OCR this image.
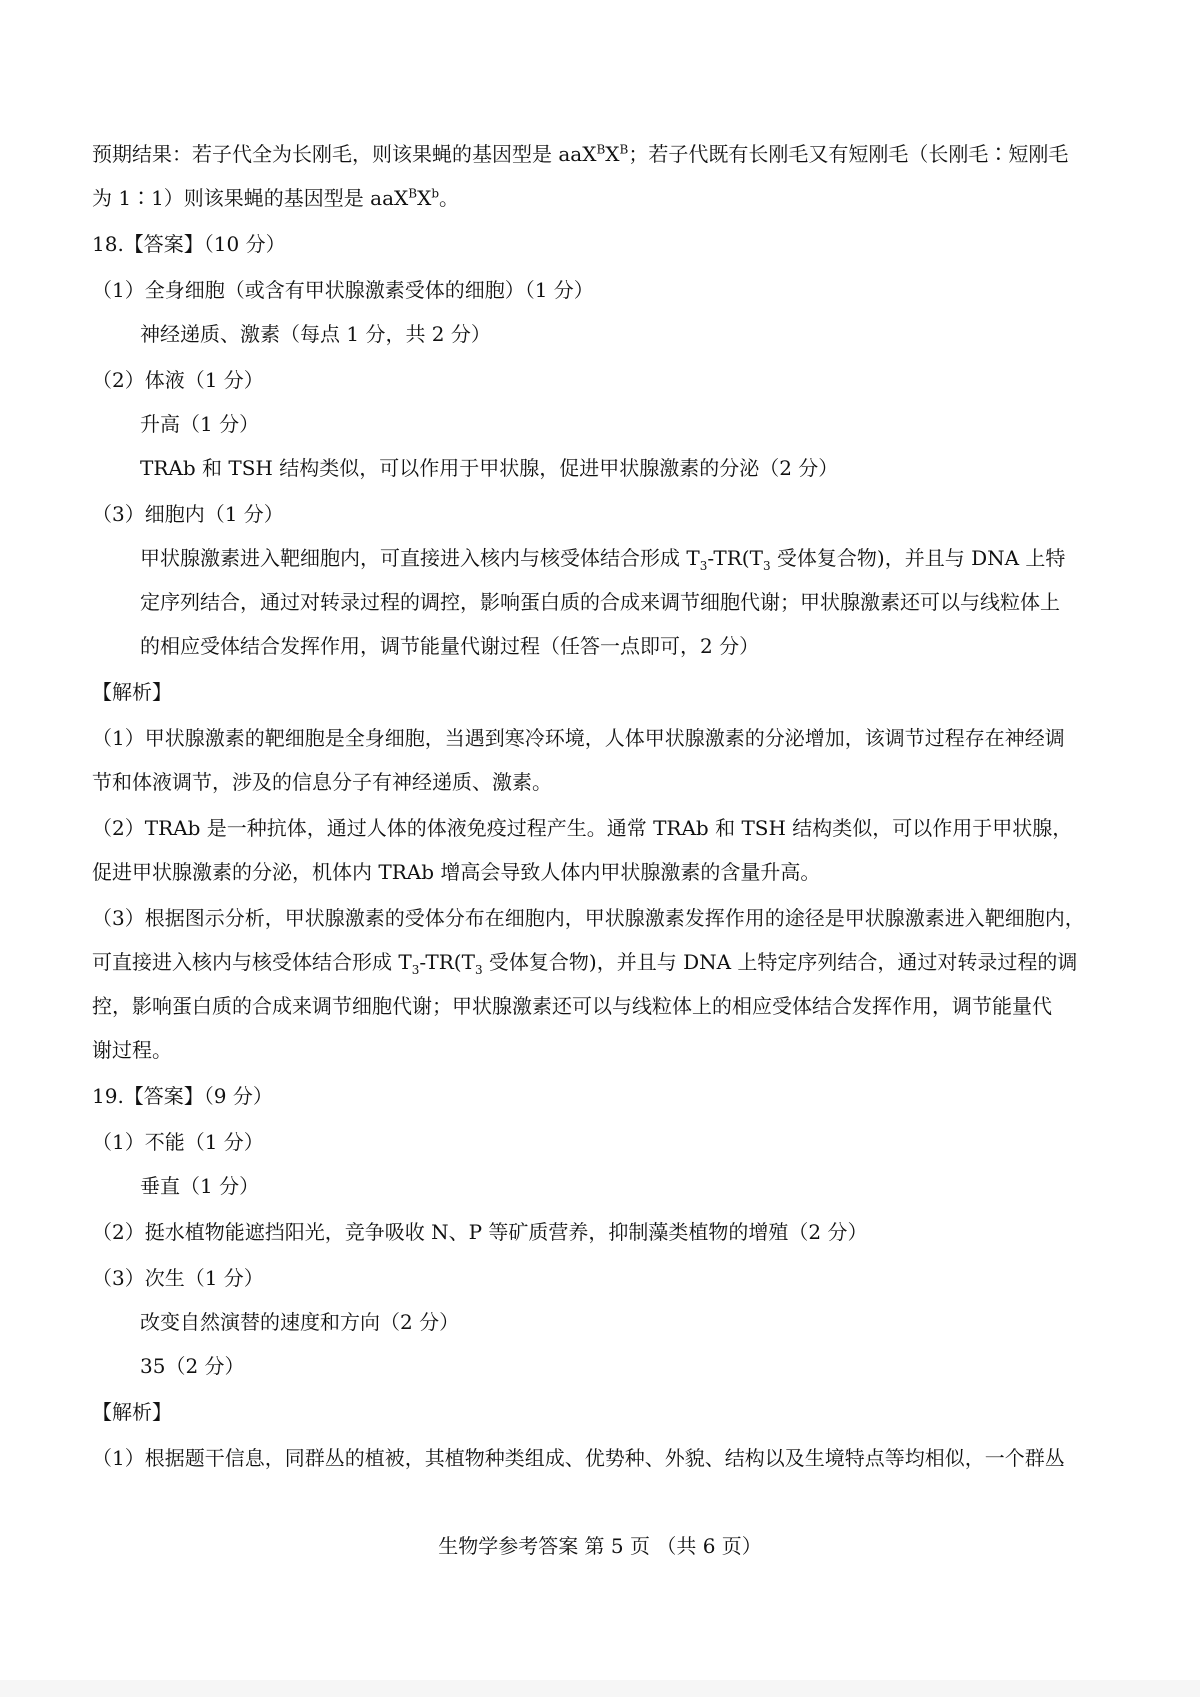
预期结果：若子代全为长刚毛，则该果蝇的基因型是 $aaX^BX^B$；若子代既有长刚毛又有短刚毛（长刚毛∶短刚毛
为 1∶1）则该果蝇的基因型是 $aaX^BX^b$。
18.【答案】（10 分）
（1）全身细胞（或含有甲状腺激素受体的细胞）（1 分）
神经递质、激素（每点 1 分，共 2 分）
（2）体液（1 分）
升高（1 分）
TRAb 和 TSH 结构类似，可以作用于甲状腺，促进甲状腺激素的分泌（2 分）
（3）细胞内（1 分）
甲状腺激素进入靶细胞内，可直接进入核内与核受体结合形成 $T_3-TR(T_3$ 受体复合物)，并且与 DNA 上特
定序列结合，通过对转录过程的调控，影响蛋白质的合成来调节细胞代谢；甲状腺激素还可以与线粒体上
的相应受体结合发挥作用，调节能量代谢过程（任答一点即可，2 分）
【解析】
（1）甲状腺激素的靶细胞是全身细胞，当遇到寒冷环境，人体甲状腺激素的分泌增加，该调节过程存在神经调
节和体液调节，涉及的信息分子有神经递质、激素。
（2）TRAb 是一种抗体，通过人体的体液免疫过程产生。通常 TRAb 和 TSH 结构类似，可以作用于甲状腺，
促进甲状腺激素的分泌，机体内 TRAb 增高会导致人体内甲状腺激素的含量升高。
（3）根据图示分析，甲状腺激素的受体分布在细胞内，甲状腺激素发挥作用的途径是甲状腺激素进入靶细胞内，
可直接进入核内与核受体结合形成 $T_3-TR(T_3$ 受体复合物)，并且与 DNA 上特定序列结合，通过对转录过程的调
控，影响蛋白质的合成来调节细胞代谢；甲状腺激素还可以与线粒体上的相应受体结合发挥作用，调节能量代
谢过程。
19.【答案】（9 分）
（1）不能（1 分）
垂直（1 分）
（2）挺水植物能遮挡阳光，竞争吸收 N、P 等矿质营养，抑制藻类植物的增殖（2 分）
（3）次生（1 分）
改变自然演替的速度和方向（2 分）
35（2 分）
【解析】
（1）根据题干信息，同群丛的植被，其植物种类组成、优势种、外貌、结构以及生境特点等均相似，一个群丛
生物学参考答案 第 5 页 （共 6 页）
